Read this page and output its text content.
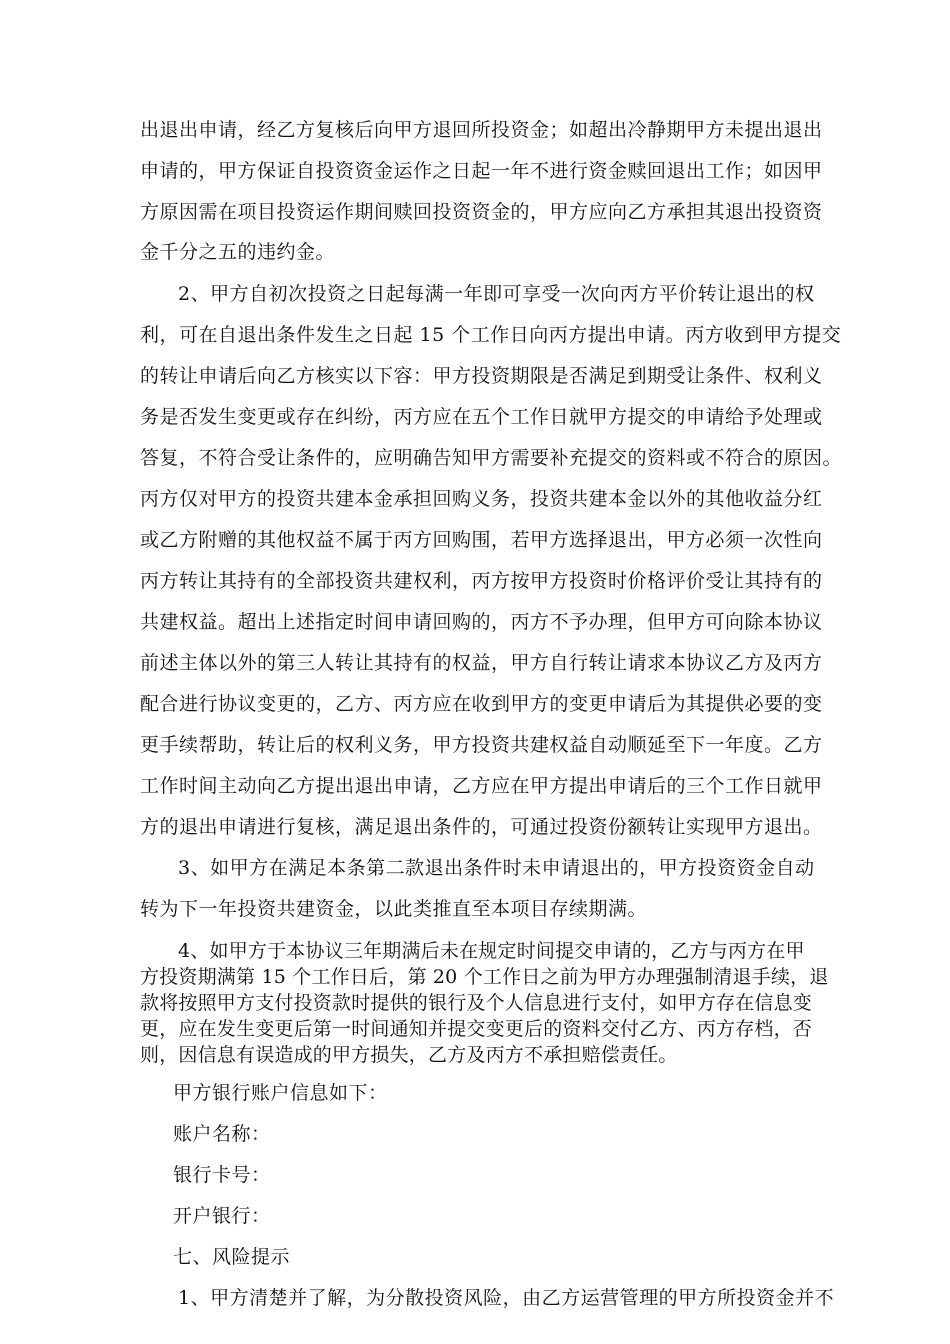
出退出申请，经乙方复核后向甲方退回所投资金；如超出冷静期甲方未提出退出
申请的，甲方保证自投资资金运作之日起一年不进行资金赎回退出工作；如因甲
方原因需在项目投资运作期间赎回投资资金的，甲方应向乙方承担其退出投资资
金千分之五的违约金。
2、甲方自初次投资之日起每满一年即可享受一次向丙方平价转让退出的权
利，可在自退出条件发生之日起 15 个工作日向丙方提出申请。丙方收到甲方提交
的转让申请后向乙方核实以下容：甲方投资期限是否满足到期受让条件、权利义
务是否发生变更或存在纠纷，丙方应在五个工作日就甲方提交的申请给予处理或
答复，不符合受让条件的，应明确告知甲方需要补充提交的资料或不符合的原因。
丙方仅对甲方的投资共建本金承担回购义务，投资共建本金以外的其他收益分红
或乙方附赠的其他权益不属于丙方回购围，若甲方选择退出，甲方必须一次性向
丙方转让其持有的全部投资共建权利，丙方按甲方投资时价格评价受让其持有的
共建权益。超出上述指定时间申请回购的，丙方不予办理，但甲方可向除本协议
前述主体以外的第三人转让其持有的权益，甲方自行转让请求本协议乙方及丙方
配合进行协议变更的，乙方、丙方应在收到甲方的变更申请后为其提供必要的变
更手续帮助，转让后的权利义务，甲方投资共建权益自动顺延至下一年度。乙方
工作时间主动向乙方提出退出申请，乙方应在甲方提出申请后的三个工作日就甲
方的退出申请进行复核，满足退出条件的，可通过投资份额转让实现甲方退出。
3、如甲方在满足本条第二款退出条件时未申请退出的，甲方投资资金自动
转为下一年投资共建资金，以此类推直至本项目存续期满。
4、如甲方于本协议三年期满后未在规定时间提交申请的，乙方与丙方在甲
方投资期满第 15 个工作日后，第 20 个工作日之前为甲方办理强制清退手续，退
款将按照甲方支付投资款时提供的银行及个人信息进行支付，如甲方存在信息变
更，应在发生变更后第一时间通知并提交变更后的资料交付乙方、丙方存档，否
则，因信息有误造成的甲方损失，乙方及丙方不承担赔偿责任。
甲方银行账户信息如下：
账户名称：
银行卡号：
开户银行：
七、风险提示
1、甲方清楚并了解，为分散投资风险，由乙方运营管理的甲方所投资金并不
